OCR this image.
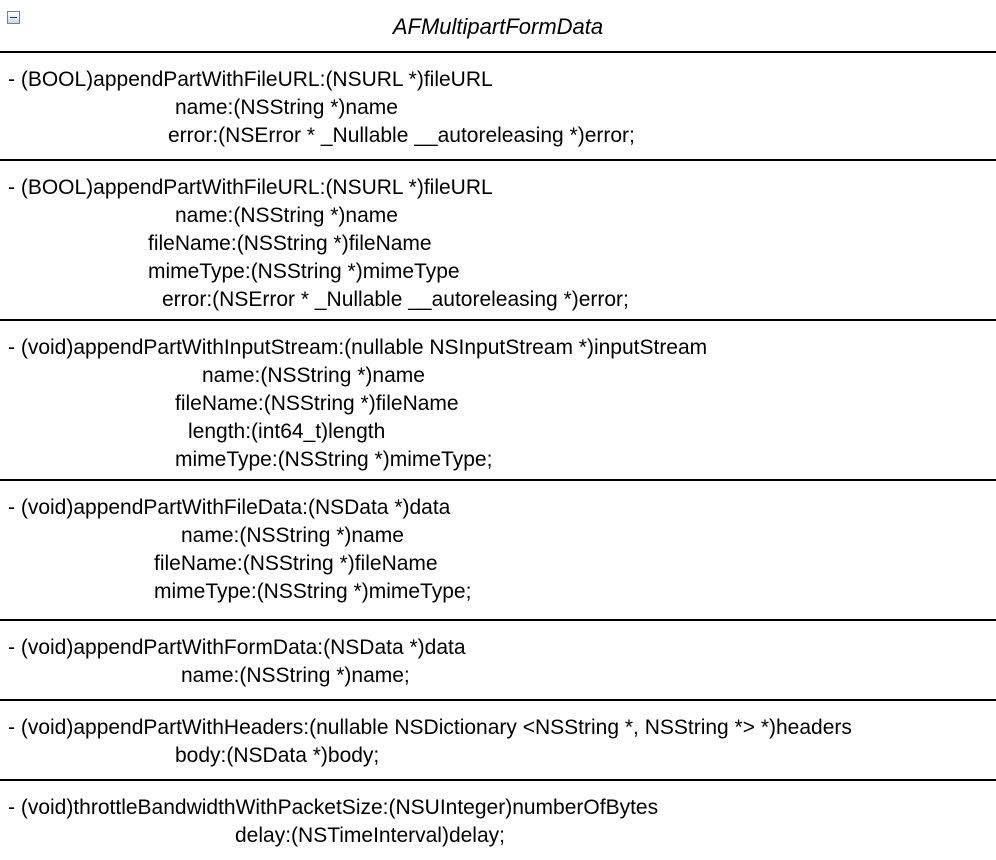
AFMultipartFormData
- (BOOL)appendPartWithFileURL:(NSURL *)fileURL
name:(NSString *)name
error:(NSError * _Nullable __autoreleasing *)error;
- (BOOL)appendPartWithFileURL:(NSURL *)fileURL
name:(NSString *)name
fileName:(NSString *)fileName
mimeType:(NSString *)mimeType
error:(NSError * _Nullable __autoreleasing *)error;
- (void)appendPartWithInputStream:(nullable NSInputStream *)inputStream
name:(NSString *)name
fileName:(NSString *)fileName
length:(int64_t)length
mimeType:(NSString *)mimeType;
- (void)appendPartWithFileData:(NSData *)data
name:(NSString *)name
fileName:(NSString *)fileName
mimeType:(NSString *)mimeType;
- (void)appendPartWithFormData:(NSData *)data
name:(NSString *)name;
- (void)appendPartWithHeaders:(nullable NSDictionary <NSString *, NSString *> *)headers
body:(NSData *)body;
- (void)throttleBandwidthWithPacketSize:(NSUInteger)numberOfBytes
delay:(NSTimeInterval)delay;
